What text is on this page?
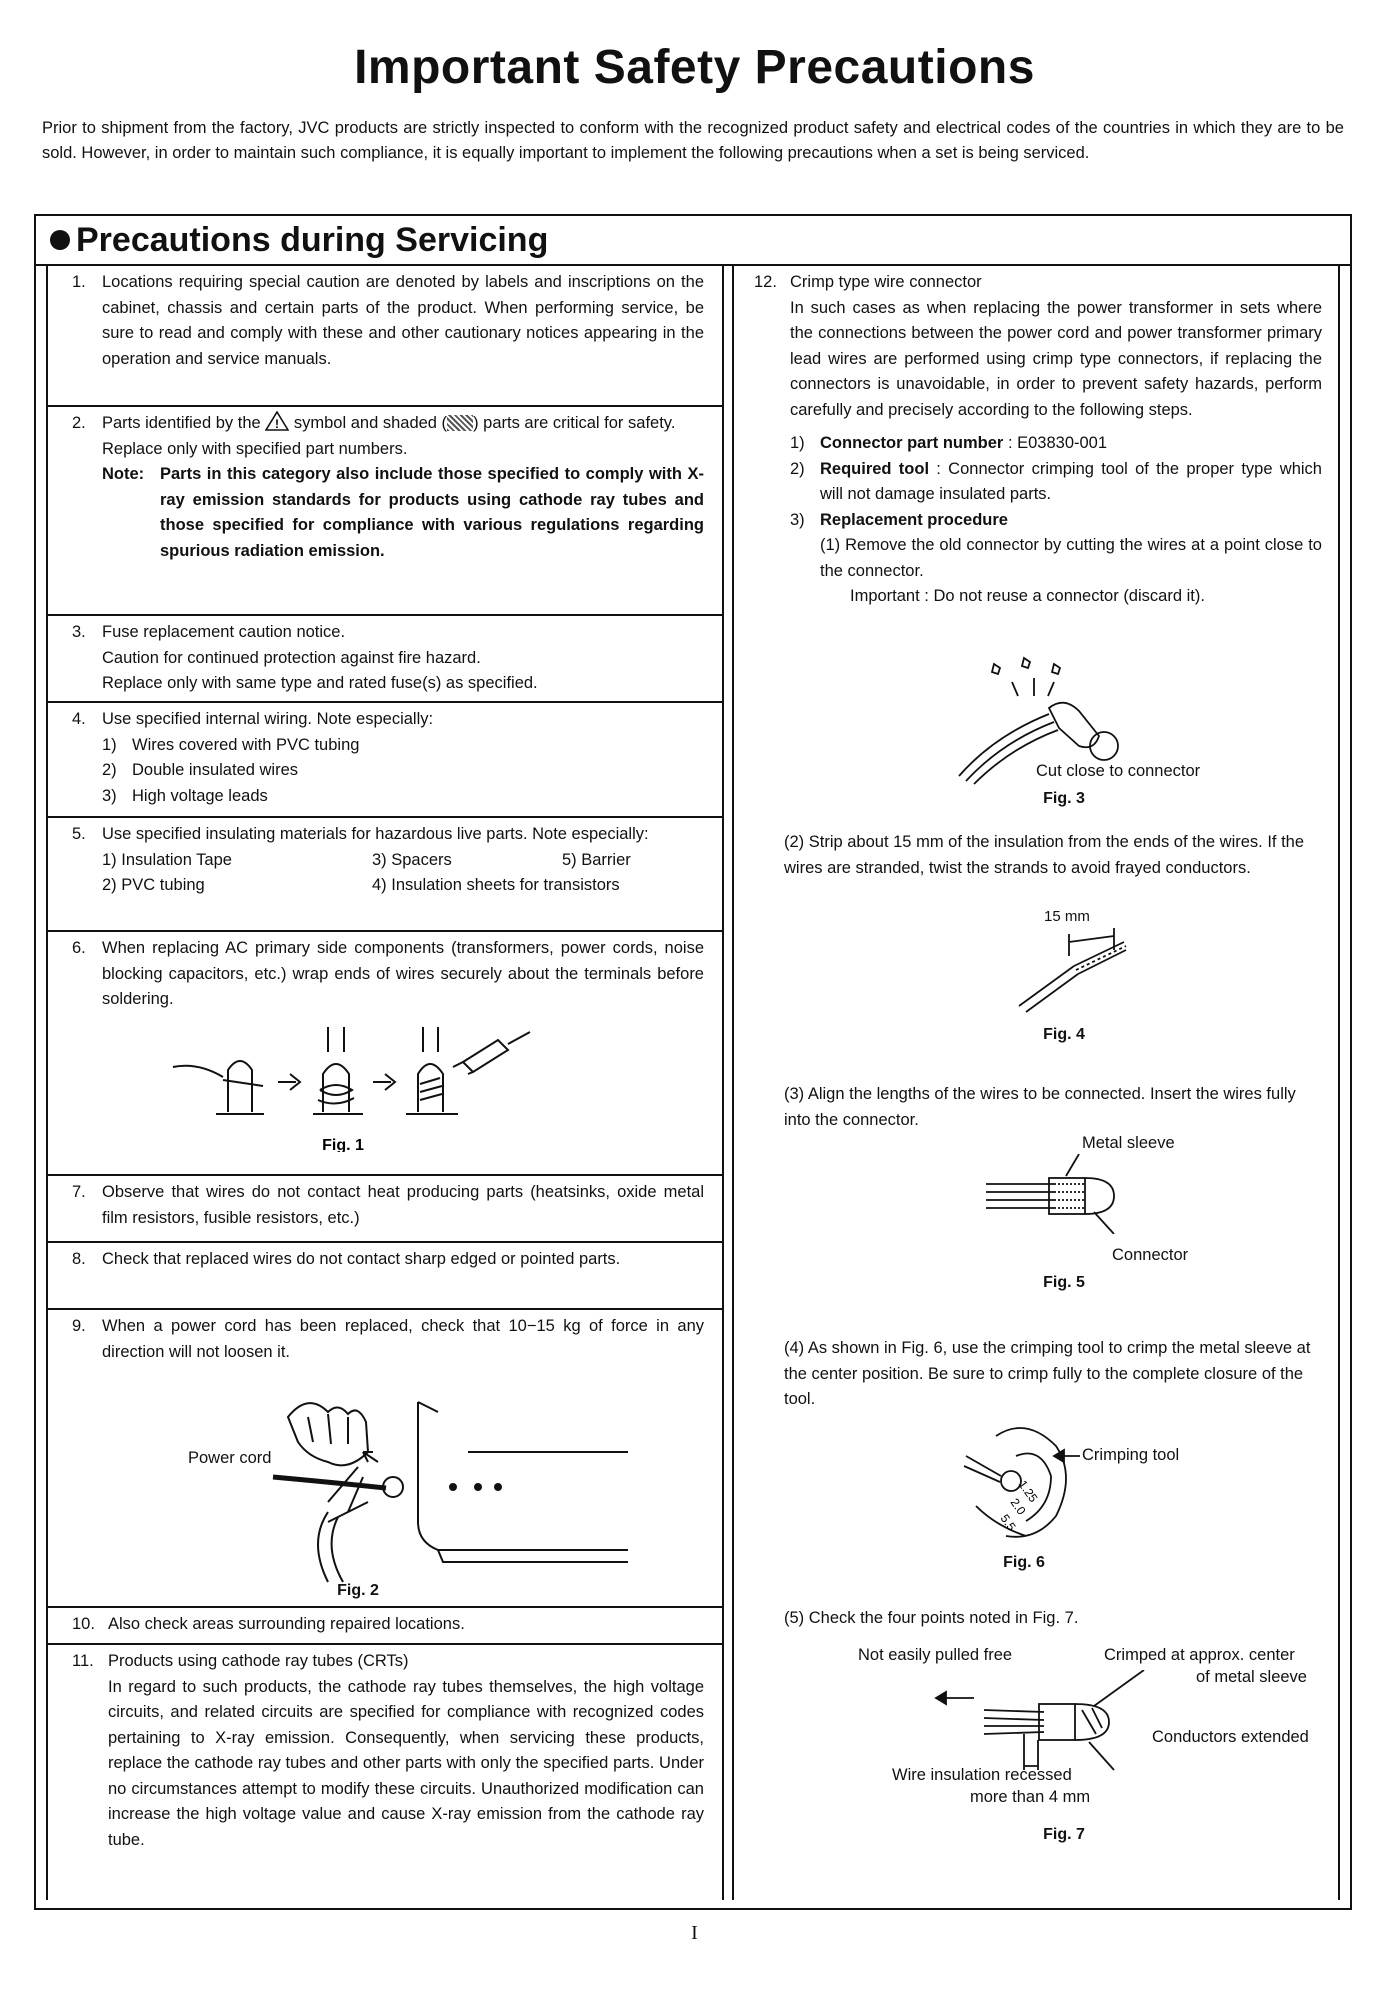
Important Safety Precautions
Prior to shipment from the factory, JVC products are strictly inspected to conform with the recognized product safety and electrical codes of the countries in which they are to be sold. However, in order to maintain such compliance, it is equally important to implement the following precautions when a set is being serviced.
Precautions during Servicing
1. Locations requiring special caution are denoted by labels and inscriptions on the cabinet, chassis and certain parts of the product. When performing service, be sure to read and comply with these and other cautionary notices appearing in the operation and service manuals.
2. Parts identified by the ! symbol and shaded ( ) parts are critical for safety.
Replace only with specified part numbers.
Note: Parts in this category also include those specified to comply with X-ray emission standards for products using cathode ray tubes and those specified for compliance with various regulations regarding spurious radiation emission.
3. Fuse replacement caution notice.
Caution for continued protection against fire hazard.
Replace only with same type and rated fuse(s) as specified.
4. Use specified internal wiring. Note especially:
1) Wires covered with PVC tubing
2) Double insulated wires
3) High voltage leads
5. Use specified insulating materials for hazardous live parts. Note especially:
1) Insulation Tape	3) Spacers	5) Barrier
2) PVC tubing	4) Insulation sheets for transistors
6. When replacing AC primary side components (transformers, power cords, noise blocking capacitors, etc.) wrap ends of wires securely about the terminals before soldering.
Fig. 1
7. Observe that wires do not contact heat producing parts (heatsinks, oxide metal film resistors, fusible resistors, etc.)
8. Check that replaced wires do not contact sharp edged or pointed parts.
9. When a power cord has been replaced, check that 10−15 kg of force in any direction will not loosen it.
Power cord
Fig. 2
10. Also check areas surrounding repaired locations.
11. Products using cathode ray tubes (CRTs)
In regard to such products, the cathode ray tubes themselves, the high voltage circuits, and related circuits are specified for compliance with recognized codes pertaining to X-ray emission. Consequently, when servicing these products, replace the cathode ray tubes and other parts with only the specified parts. Under no circumstances attempt to modify these circuits. Unauthorized modification can increase the high voltage value and cause X-ray emission from the cathode ray tube.
12. Crimp type wire connector
In such cases as when replacing the power transformer in sets where the connections between the power cord and power transformer primary lead wires are performed using crimp type connectors, if replacing the connectors is unavoidable, in order to prevent safety hazards, perform carefully and precisely according to the following steps.
1) Connector part number : E03830-001
2) Required tool : Connector crimping tool of the proper type which will not damage insulated parts.
3) Replacement procedure
(1) Remove the old connector by cutting the wires at a point close to the connector.
Important : Do not reuse a connector (discard it).
Cut close to connector
Fig. 3
(2) Strip about 15 mm of the insulation from the ends of the wires. If the wires are stranded, twist the strands to avoid frayed conductors.
15 mm
Fig. 4
(3) Align the lengths of the wires to be connected. Insert the wires fully into the connector.
Metal sleeve
Connector
Fig. 5
(4) As shown in Fig. 6, use the crimping tool to crimp the metal sleeve at the center position. Be sure to crimp fully to the complete closure of the tool.
1.25
2.0
5.5
Crimping tool
Fig. 6
(5) Check the four points noted in Fig. 7.
Not easily pulled free	Crimped at approx. center
of metal sleeve
Conductors extended
Wire insulation recessed
more than 4 mm
Fig. 7
I
